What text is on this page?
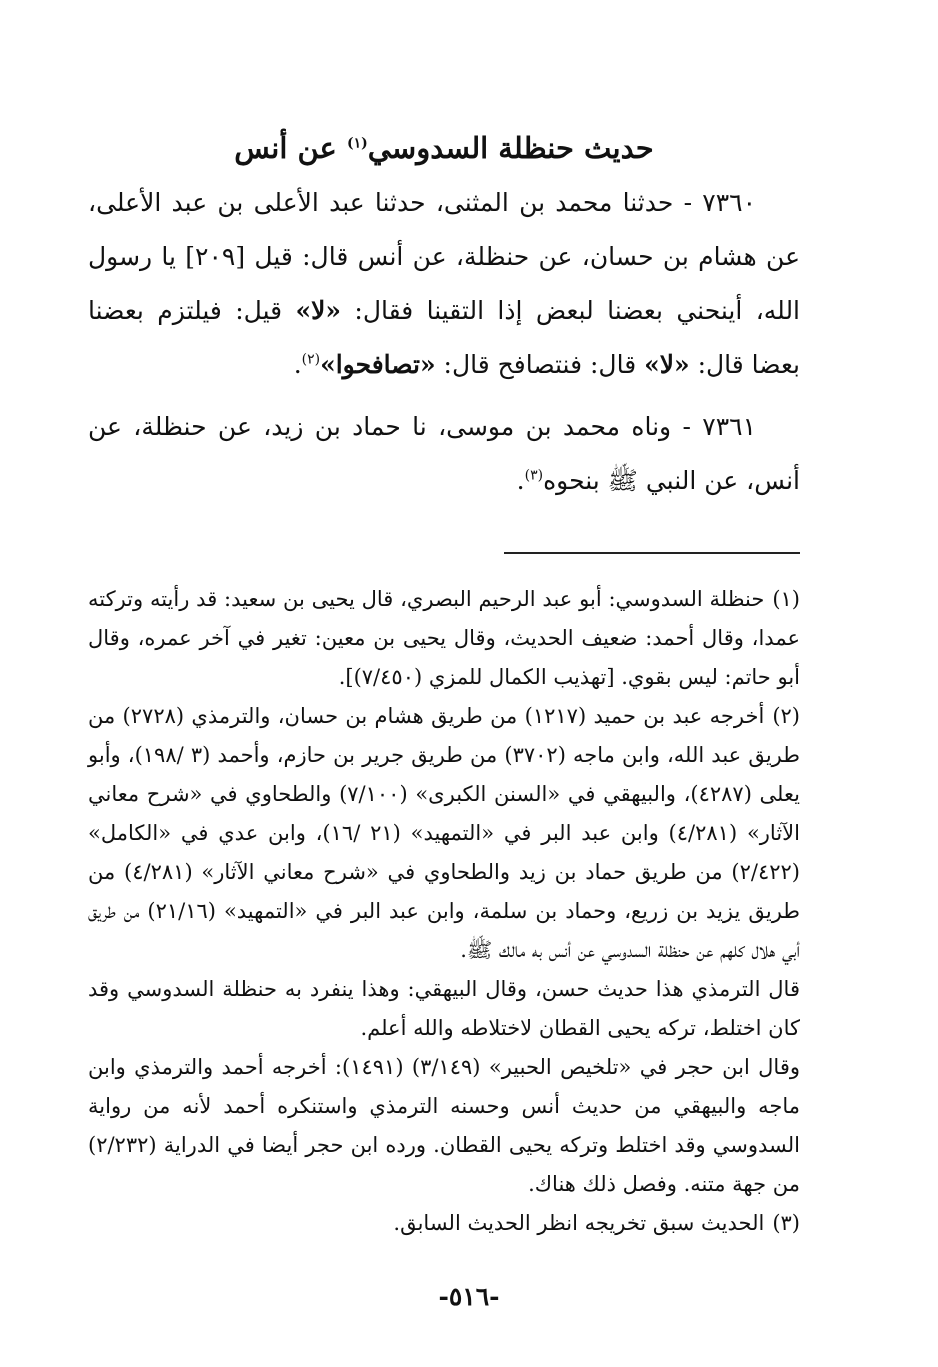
حديث حنظلة السدوسي$^{(١)}$ عن أنس

٧٣٦٠ - حدثنا محمد بن المثنى، حدثنا عبد الأعلى بن عبد الأعلى، عن هشام بن حسان، عن حنظلة، عن أنس قال: قيل [٢٠٩] يا رسول الله، أينحني بعضنا لبعض إذا التقينا فقال: «لا» قيل: فيلتزم بعضنا بعضا قال: «لا» قال: فنتصافح قال: «تصافحوا»$^{(٢)}$.

٧٣٦١ - وناه محمد بن موسى، نا حماد بن زيد، عن حنظلة، عن أنس، عن النبي ﷺ بنحوه$^{(٣)}$.

(١)حنظلة السدوسي: أبو عبد الرحيم البصري، قال يحيى بن سعيد: قد رأيته وتركته عمدا، وقال أحمد: ضعيف الحديث، وقال يحيى بن معين: تغير في آخر عمره، وقال أبو حاتم: ليس بقوي. [تهذيب الكمال للمزي (٧/٤٥٠)].

(٢)أخرجه عبد بن حميد (١٢١٧) من طريق هشام بن حسان، والترمذي (٢٧٢٨) من طريق عبد الله، وابن ماجه (٣٧٠٢) من طريق جرير بن حازم، وأحمد (٣ /١٩٨)، وأبو يعلى (٤٢٨٧)، والبيهقي في «السنن الكبرى» (٧/١٠٠) والطحاوي في «شرح معاني الآثار» (٤/٢٨١) وابن عبد البر في «التمهيد» (٢١ /١٦)، وابن عدي في «الكامل» (٢/٤٢٢) من طريق حماد بن زيد والطحاوي في «شرح معاني الآثار» (٤/٢٨١) من طريق يزيد بن زريع، وحماد بن سلمة، وابن عبد البر في «التمهيد» (٢١/١٦) من طريق أبي هلال كلهم عن حنظلة السدوسي عن أنس به مالك ﷺ.

قال الترمذي هذا حديث حسن، وقال البيهقي: وهذا ينفرد به حنظلة السدوسي وقد كان اختلط، تركه يحيى القطان لاختلاطه والله أعلم.

وقال ابن حجر في «تلخيص الحبير» (٣/١٤٩) (١٤٩١): أخرجه أحمد والترمذي وابن ماجه والبيهقي من حديث أنس وحسنه الترمذي واستنكره أحمد لأنه من رواية السدوسي وقد اختلط وتركه يحيى القطان. ورده ابن حجر أيضا في الدراية (٢/٢٣٢) من جهة متنه. وفصل ذلك هناك.

(٣)الحديث سبق تخريجه انظر الحديث السابق.

-٥١٦-
